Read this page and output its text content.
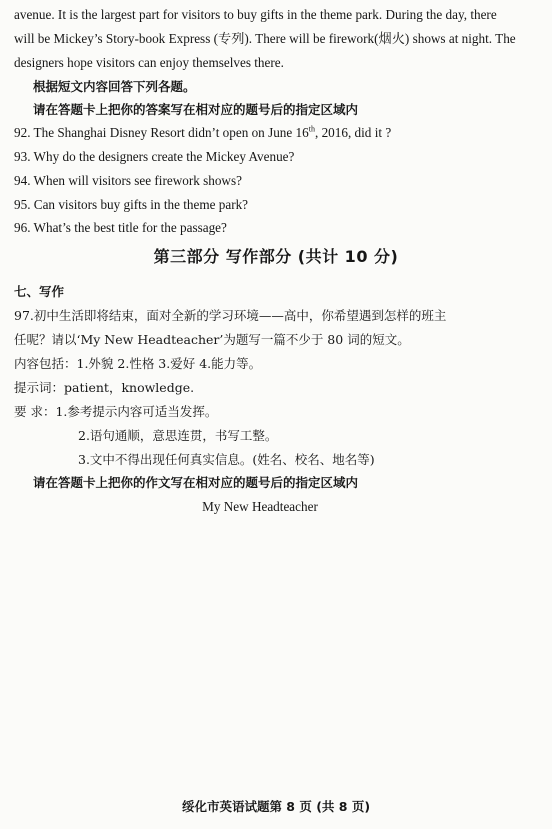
avenue. It is the largest part for visitors to buy gifts in the theme park. During the day, there
will be Mickey’s Story-book Express (专列). There will be firework(烟火) shows at night. The
designers hope visitors can enjoy themselves there.
根据短文内容回答下列各题。
请在答题卡上把你的答案写在相对应的题号后的指定区域内
92. The Shanghai Disney Resort didn’t open on June 16th, 2016, did it ?
93. Why do the designers create the Mickey Avenue?
94. When will visitors see firework shows?
95. Can visitors buy gifts in the theme park?
96. What’s the best title for the passage?
第三部分 写作部分 (共计 10 分)
七、写作
97.初中生活即将结束，面对全新的学习环境——高中，你希望遇到怎样的班主
任呢？请以‘My New Headteacher’为题写一篇不少于 80 词的短文。
内容包括：1.外貌 2.性格 3.爱好 4.能力等。
提示词：patient，knowledge.
要 求：1.参考提示内容可适当发挥。
2.语句通顺，意思连贯，书写工整。
3.文中不得出现任何真实信息。(姓名、校名、地名等)
请在答题卡上把你的作文写在相对应的题号后的指定区域内
My New Headteacher
绥化市英语试题第 8 页 (共 8 页)
